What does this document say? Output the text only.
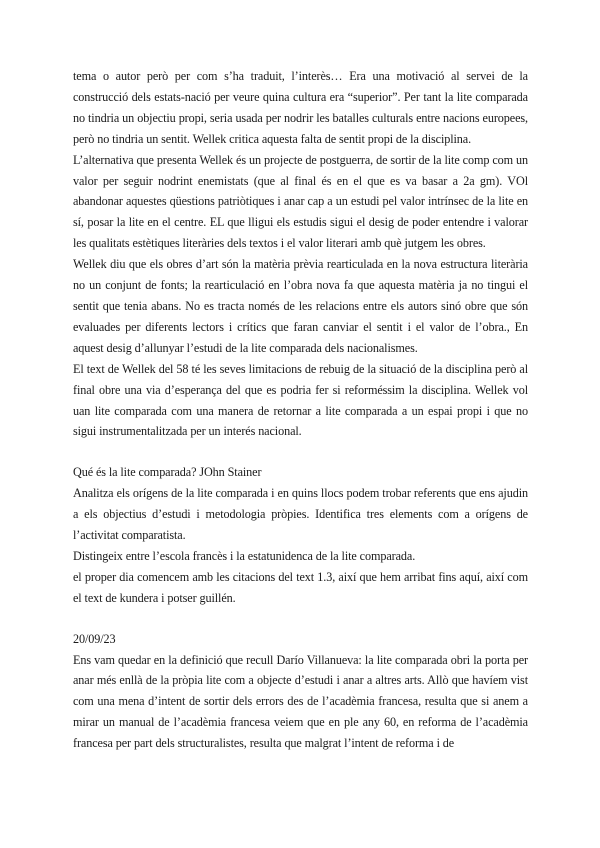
tema o autor però per com s’ha traduit, l’interès… Era una motivació al servei de la construcció dels estats-nació per veure quina cultura era “superior”. Per tant la lite comparada no tindria un objectiu propi, seria usada per nodrir les batalles culturals entre nacions europees, però no tindria un sentit. Wellek critica aquesta falta de sentit propi de la disciplina.

L’alternativa que presenta Wellek és un projecte de postguerra, de sortir de la lite comp com un valor per seguir nodrint enemistats (que al final és en el que es va basar a 2a gm). VOl abandonar aquestes qüestions patriòtiques i anar cap a un estudi pel valor intrínsec de la lite en sí, posar la lite en el centre. EL que lligui els estudis sigui el desig de poder entendre i valorar les qualitats estètiques literàries dels textos i el valor literari amb què jutgem les obres.

Wellek diu que els obres d’art són la matèria prèvia rearticulada en la nova estructura literària no un conjunt de fonts; la rearticulació en l’obra nova fa que aquesta matèria ja no tingui el sentit que tenia abans. No es tracta només de les relacions entre els autors sinó obre que són evaluades per diferents lectors i crítics que faran canviar el sentit i el valor de l’obra., En aquest desig d’allunyar l’estudi de la lite comparada dels nacionalismes.

El text de Wellek del 58 té les seves limitacions de rebuig de la situació de la disciplina però al final obre una via d’esperança del que es podria fer si reforméssim la disciplina. Wellek vol uan lite comparada com una manera de retornar a lite comparada a un espai propi i que no sigui instrumentalitzada per un interés nacional.

Qué és la lite comparada? JOhn Stainer

Analitza els orígens de la lite comparada i en quins llocs podem trobar referents que ens ajudin a els objectius d’estudi i metodologia pròpies. Identifica tres elements com a orígens de l’activitat comparatista.

Distingeix entre l’escola francès i la estatunidenca de la lite comparada.

el proper dia comencem amb les citacions del text 1.3, així que hem arribat fins aquí, així com el text de kundera i potser guillén.

20/09/23

Ens vam quedar en la definició que recull Darío Villanueva: la lite comparada obri la porta per anar més enllà de la pròpia lite com a objecte d’estudi i anar a altres arts. Allò que havíem vist com una mena d’intent de sortir dels errors des de l’acadèmia francesa, resulta que si anem a mirar un manual de l’acadèmia francesa veiem que en ple any 60, en reforma de l’acadèmia francesa per part dels structuralistes, resulta que malgrat l’intent de reforma i de
